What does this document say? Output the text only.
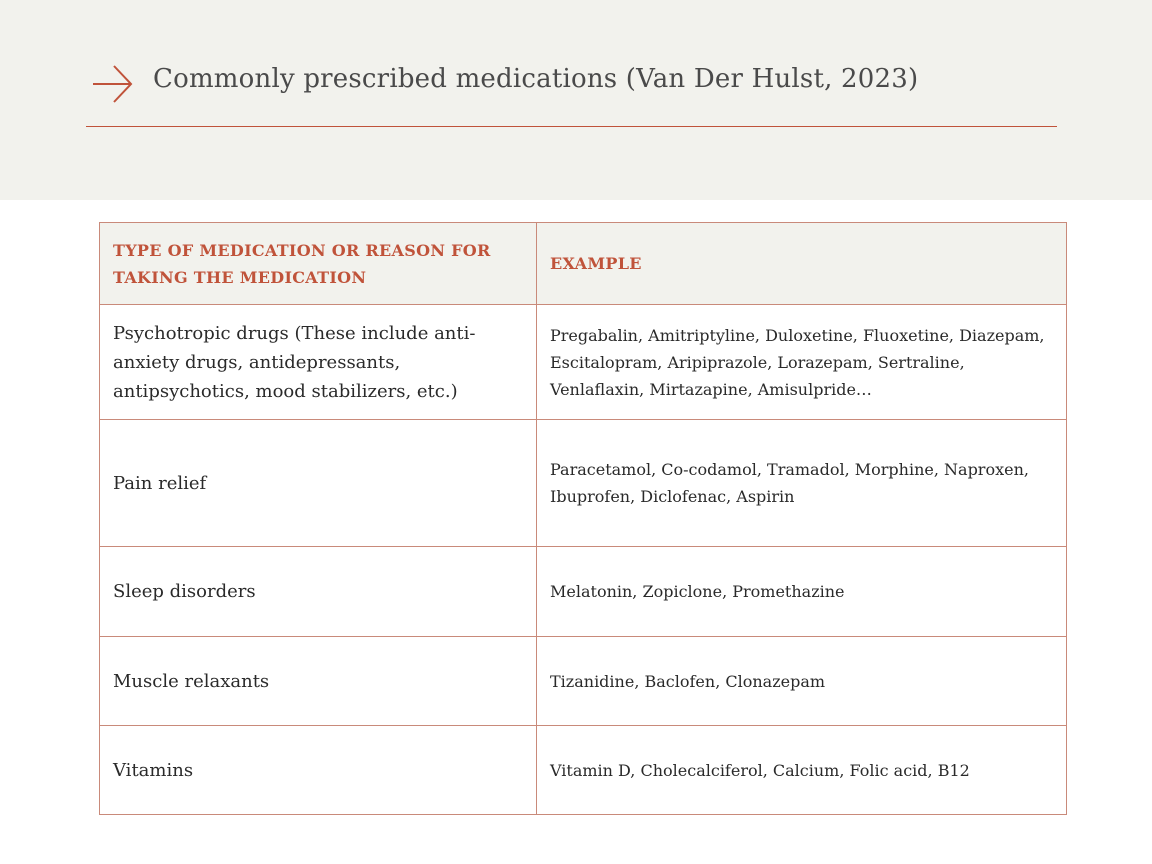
Commonly prescribed medications (Van Der Hulst, 2023)
TYPE OF MEDICATION OR REASON FOR TAKING THE MEDICATION	EXAMPLE
Psychotropic drugs (These include anti-anxiety drugs, antidepressants, antipsychotics, mood stabilizers, etc.)	Pregabalin, Amitriptyline, Duloxetine, Fluoxetine, Diazepam, Escitalopram, Aripiprazole, Lorazepam, Sertraline, Venlaflaxin, Mirtazapine, Amisulpride…
Pain relief	Paracetamol, Co-codamol, Tramadol, Morphine, Naproxen, Ibuprofen, Diclofenac, Aspirin
Sleep disorders	Melatonin, Zopiclone, Promethazine
Muscle relaxants	Tizanidine, Baclofen, Clonazepam
Vitamins	Vitamin D, Cholecalciferol, Calcium, Folic acid, B12
